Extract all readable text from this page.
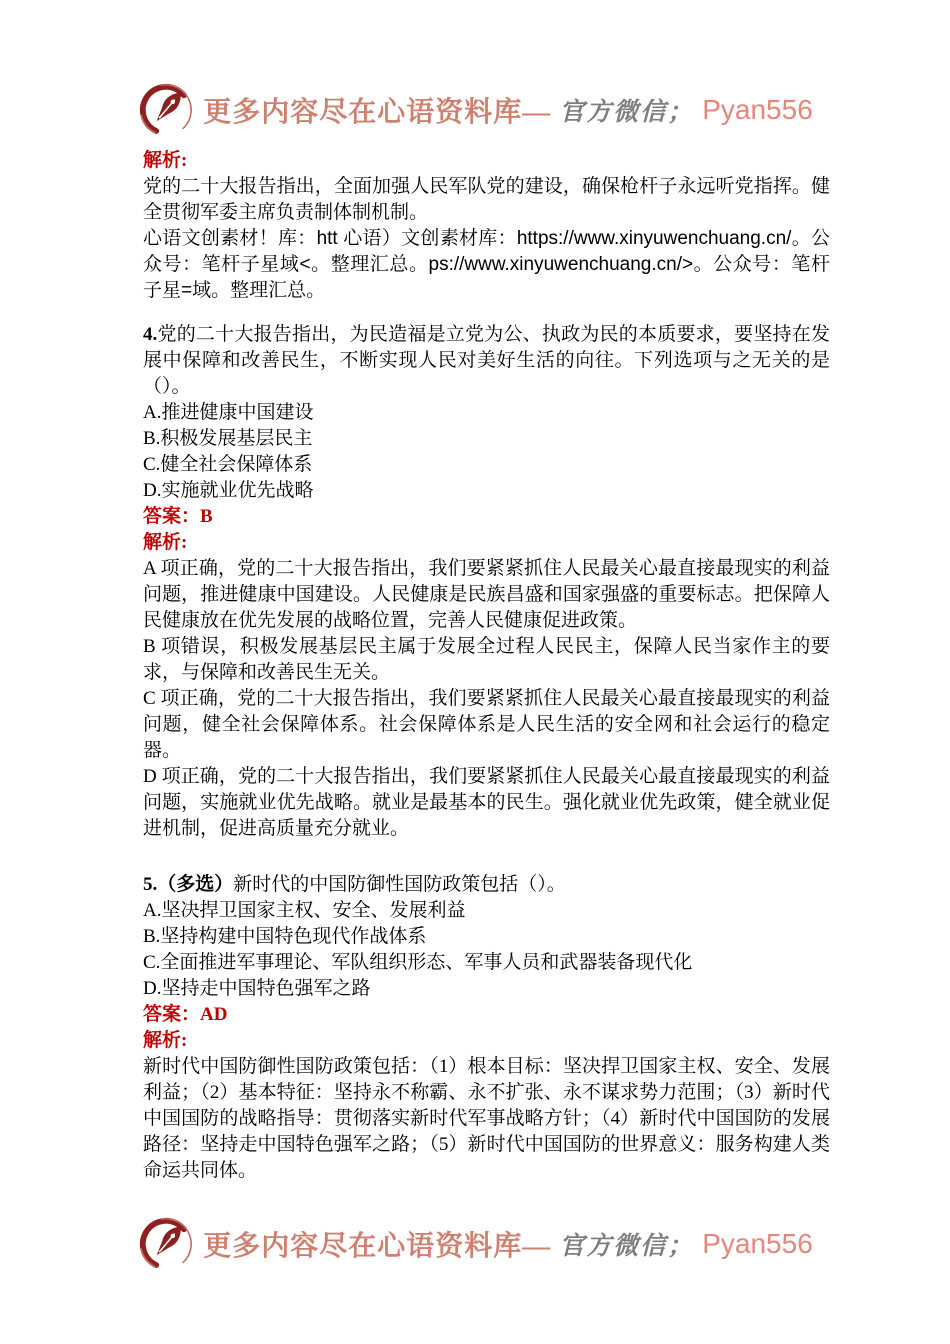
更多内容尽在心语资料库— 官方微信； Pyan556

解析:

党的二十大报告指出，全面加强人民军队党的建设，确保枪杆子永远听党指挥。健全贯彻军委主席负责制体制机制。

心语文创素材！库：htt 心语）文创素材库：https://www.xinyuwenchuang.cn/。公众号：笔杆子星域<。整理汇总。ps://www.xinyuwenchuang.cn/>。公众号：笔杆子星=域。整理汇总。

4.党的二十大报告指出，为民造福是立党为公、执政为民的本质要求，要坚持在发展中保障和改善民生，不断实现人民对美好生活的向往。下列选项与之无关的是（）。

A.推进健康中国建设

B.积极发展基层民主

C.健全社会保障体系

D.实施就业优先战略

答案：B

解析:

A 项正确，党的二十大报告指出，我们要紧紧抓住人民最关心最直接最现实的利益问题，推进健康中国建设。人民健康是民族昌盛和国家强盛的重要标志。把保障人民健康放在优先发展的战略位置，完善人民健康促进政策。

B 项错误，积极发展基层民主属于发展全过程人民民主，保障人民当家作主的要求，与保障和改善民生无关。

C 项正确，党的二十大报告指出，我们要紧紧抓住人民最关心最直接最现实的利益问题，健全社会保障体系。社会保障体系是人民生活的安全网和社会运行的稳定器。

D 项正确，党的二十大报告指出，我们要紧紧抓住人民最关心最直接最现实的利益问题，实施就业优先战略。就业是最基本的民生。强化就业优先政策，健全就业促进机制，促进高质量充分就业。

5.（多选）新时代的中国防御性国防政策包括（）。

A.坚决捍卫国家主权、安全、发展利益

B.坚持构建中国特色现代作战体系

C.全面推进军事理论、军队组织形态、军事人员和武器装备现代化

D.坚持走中国特色强军之路

答案：AD

解析:

新时代中国防御性国防政策包括：（1）根本目标：坚决捍卫国家主权、安全、发展利益；（2）基本特征：坚持永不称霸、永不扩张、永不谋求势力范围；（3）新时代中国国防的战略指导：贯彻落实新时代军事战略方针；（4）新时代中国国防的发展路径：坚持走中国特色强军之路；（5）新时代中国国防的世界意义：服务构建人类命运共同体。

更多内容尽在心语资料库— 官方微信； Pyan556
